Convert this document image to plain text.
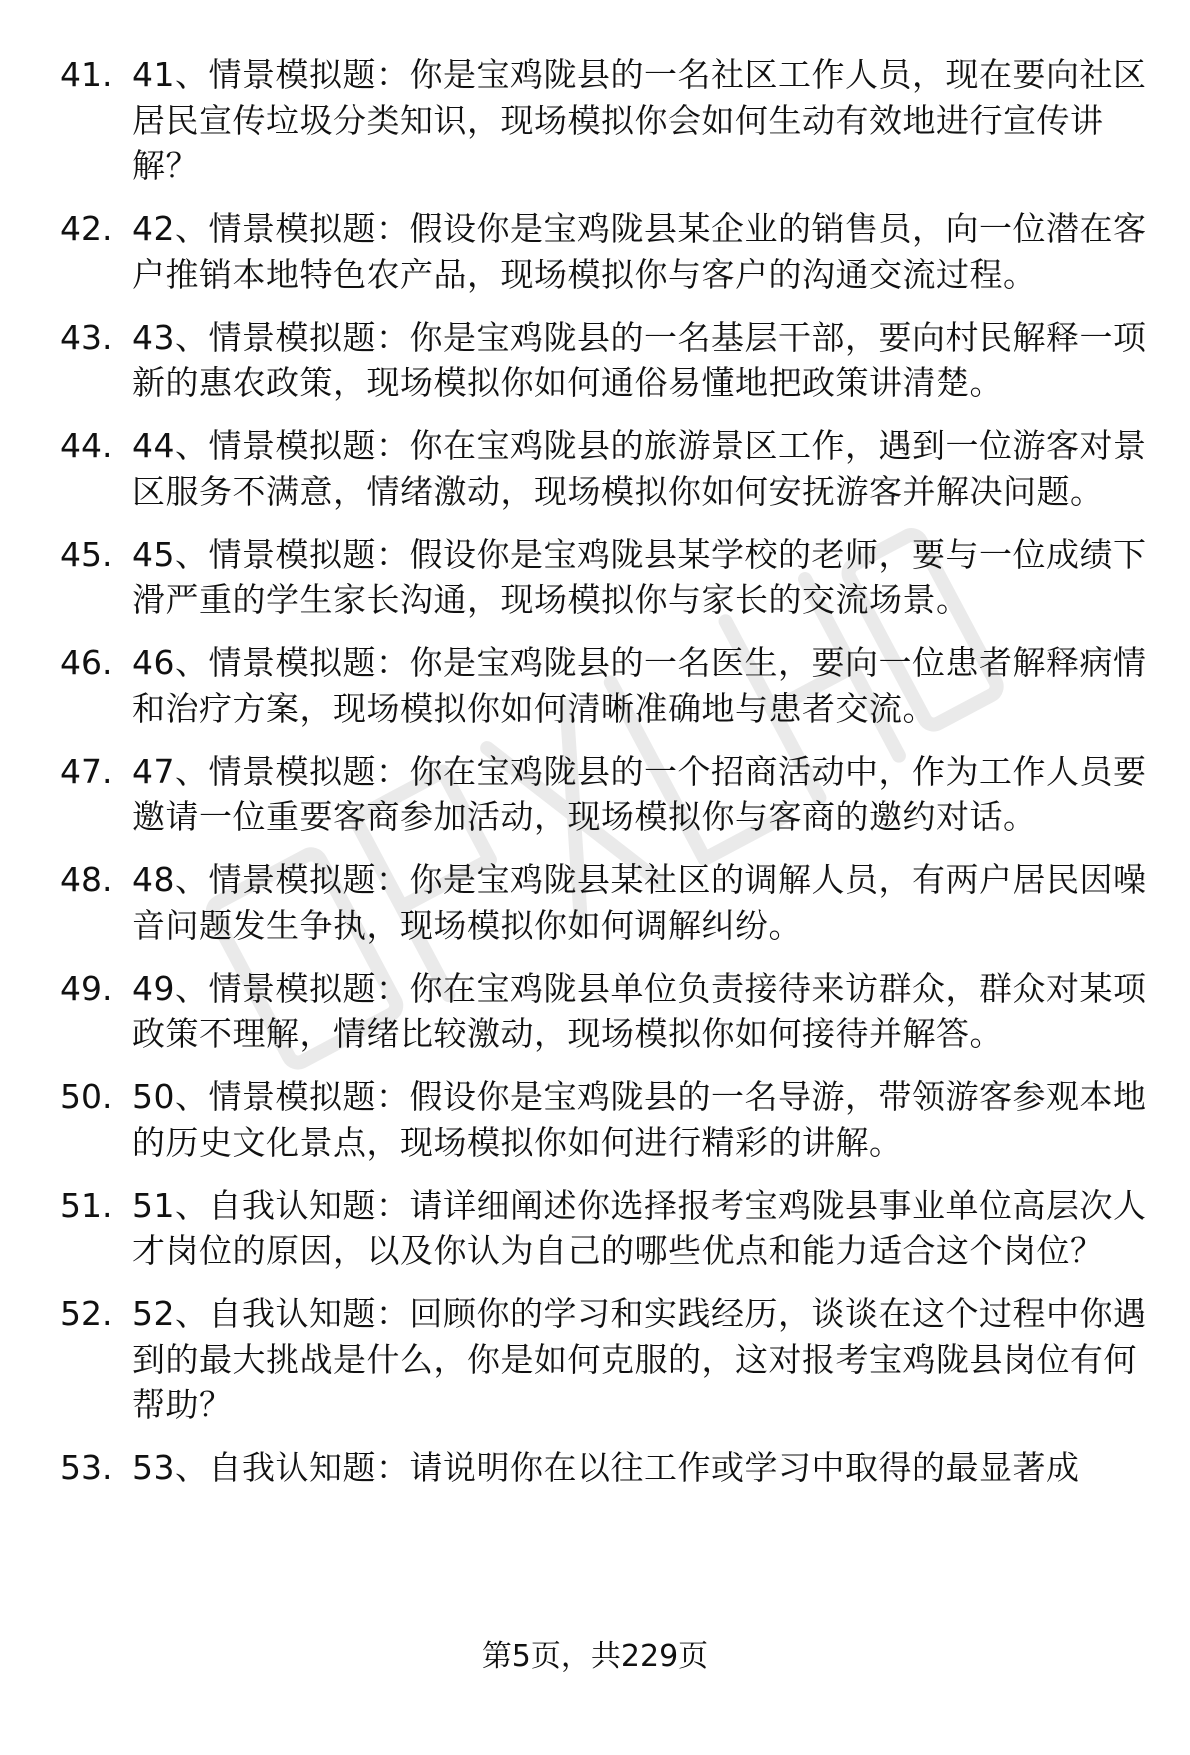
41. 41、情景模拟题：你是宝鸡陇县的一名社区工作人员，现在要向社区居民宣传垃圾分类知识，现场模拟你会如何生动有效地进行宣传讲解？
42. 42、情景模拟题：假设你是宝鸡陇县某企业的销售员，向一位潜在客户推销本地特色农产品，现场模拟你与客户的沟通交流过程。
43. 43、情景模拟题：你是宝鸡陇县的一名基层干部，要向村民解释一项新的惠农政策，现场模拟你如何通俗易懂地把政策讲清楚。
44. 44、情景模拟题：你在宝鸡陇县的旅游景区工作，遇到一位游客对景区服务不满意，情绪激动，现场模拟你如何安抚游客并解决问题。
45. 45、情景模拟题：假设你是宝鸡陇县某学校的老师，要与一位成绩下滑严重的学生家长沟通，现场模拟你与家长的交流场景。
46. 46、情景模拟题：你是宝鸡陇县的一名医生，要向一位患者解释病情和治疗方案，现场模拟你如何清晰准确地与患者交流。
47. 47、情景模拟题：你在宝鸡陇县的一个招商活动中，作为工作人员要邀请一位重要客商参加活动，现场模拟你与客商的邀约对话。
48. 48、情景模拟题：你是宝鸡陇县某社区的调解人员，有两户居民因噪音问题发生争执，现场模拟你如何调解纠纷。
49. 49、情景模拟题：你在宝鸡陇县单位负责接待来访群众，群众对某项政策不理解，情绪比较激动，现场模拟你如何接待并解答。
50. 50、情景模拟题：假设你是宝鸡陇县的一名导游，带领游客参观本地的历史文化景点，现场模拟你如何进行精彩的讲解。
51. 51、自我认知题：请详细阐述你选择报考宝鸡陇县事业单位高层次人才岗位的原因，以及你认为自己的哪些优点和能力适合这个岗位？
52. 52、自我认知题：回顾你的学习和实践经历，谈谈在这个过程中你遇到的最大挑战是什么，你是如何克服的，这对报考宝鸡陇县岗位有何帮助？
53. 53、自我认知题：请说明你在以往工作或学习中取得的最显著成
第5页，共229页
